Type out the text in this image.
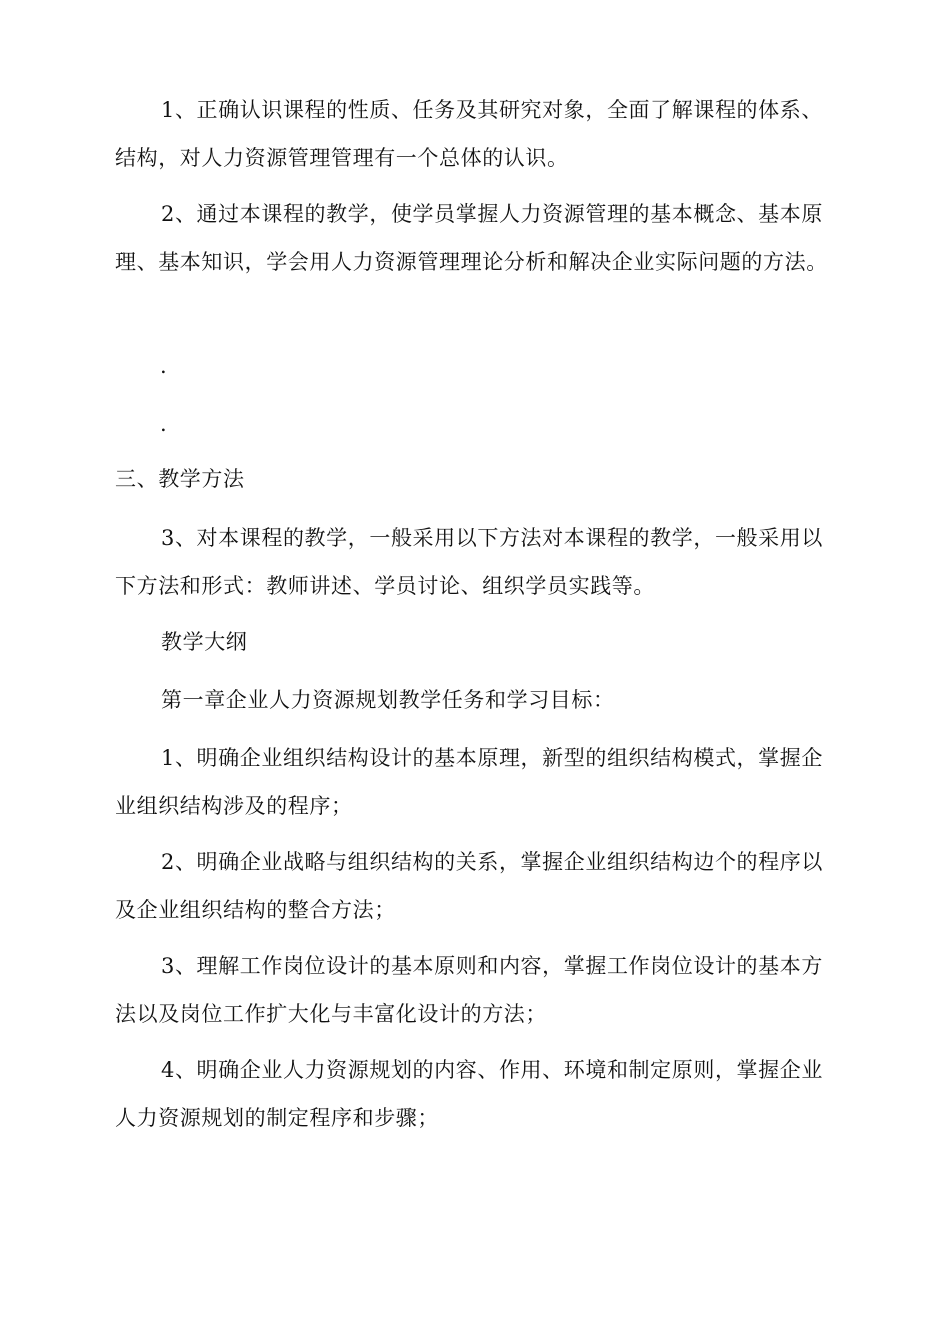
1、正确认识课程的性质、任务及其研究对象，全面了解课程的体系、结构，对人力资源管理管理有一个总体的认识。

2、通过本课程的教学，使学员掌握人力资源管理的基本概念、基本原理、基本知识，学会用人力资源管理理论分析和解决企业实际问题的方法。

.
.

三、教学方法

3、对本课程的教学，一般采用以下方法对本课程的教学，一般采用以下方法和形式：教师讲述、学员讨论、组织学员实践等。

教学大纲

第一章企业人力资源规划教学任务和学习目标：

1、明确企业组织结构设计的基本原理，新型的组织结构模式，掌握企业组织结构涉及的程序；

2、明确企业战略与组织结构的关系，掌握企业组织结构边个的程序以及企业组织结构的整合方法；

3、理解工作岗位设计的基本原则和内容，掌握工作岗位设计的基本方法以及岗位工作扩大化与丰富化设计的方法；

4、明确企业人力资源规划的内容、作用、环境和制定原则，掌握企业人力资源规划的制定程序和步骤；
